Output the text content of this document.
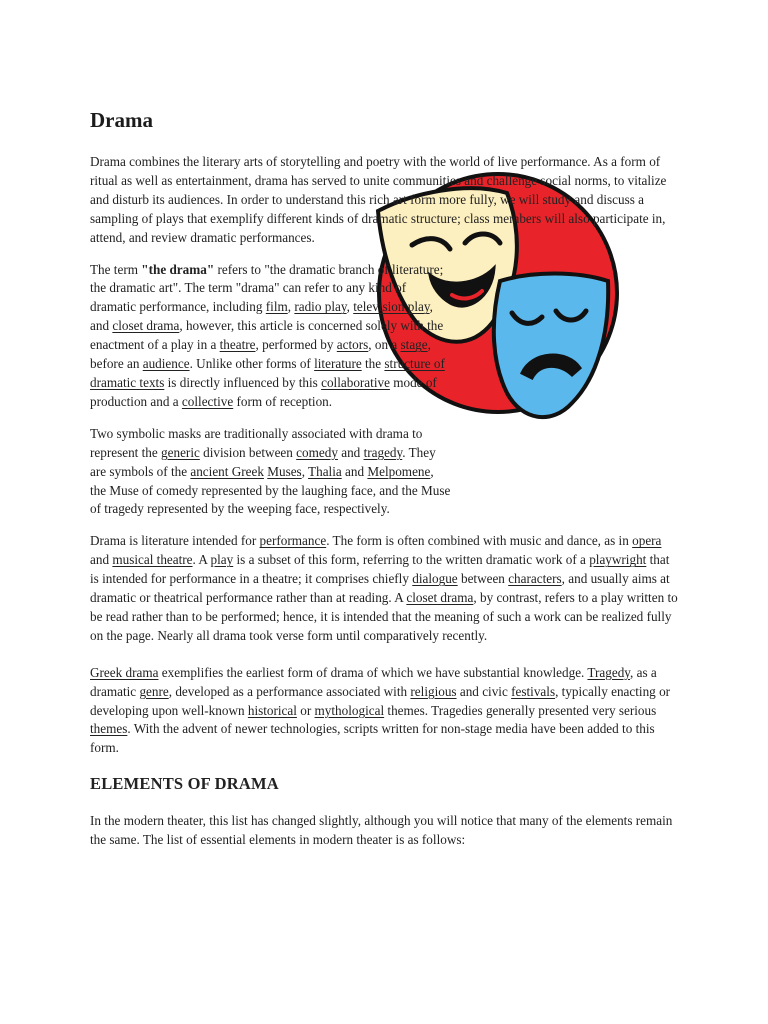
Drama

Drama combines the literary arts of storytelling and poetry with the world of live performance. As a form of ritual as well as entertainment, drama has served to unite communities and challenge social norms, to vitalize and disturb its audiences. In order to understand this rich art form more fully, we will study and discuss a sampling of plays that exemplify different kinds of dramatic structure; class members will also participate in, attend, and review dramatic performances.

The term "the drama" refers to "the dramatic branch of literature; the dramatic art". The term "drama" can refer to any kind of dramatic performance, including film, radio play, television play, and closet drama, however, this article is concerned solely with the enactment of a play in a theatre, performed by actors, on a stage, before an audience. Unlike other forms of literature the structure of dramatic texts is directly influenced by this collaborative mode of production and a collective form of reception.

Two symbolic masks are traditionally associated with drama to represent the generic division between comedy and tragedy. They are symbols of the ancient Greek Muses, Thalia and Melpomene, the Muse of comedy represented by the laughing face, and the Muse of tragedy represented by the weeping face, respectively.

Drama is literature intended for performance. The form is often combined with music and dance, as in opera and musical theatre. A play is a subset of this form, referring to the written dramatic work of a playwright that is intended for performance in a theatre; it comprises chiefly dialogue between characters, and usually aims at dramatic or theatrical performance rather than at reading. A closet drama, by contrast, refers to a play written to be read rather than to be performed; hence, it is intended that the meaning of such a work can be realized fully on the page. Nearly all drama took verse form until comparatively recently.

Greek drama exemplifies the earliest form of drama of which we have substantial knowledge. Tragedy, as a dramatic genre, developed as a performance associated with religious and civic festivals, typically enacting or developing upon well-known historical or mythological themes. Tragedies generally presented very serious themes. With the advent of newer technologies, scripts written for non-stage media have been added to this form.

ELEMENTS OF DRAMA

In the modern theater, this list has changed slightly, although you will notice that many of the elements remain the same. The list of essential elements in modern theater is as follows:
